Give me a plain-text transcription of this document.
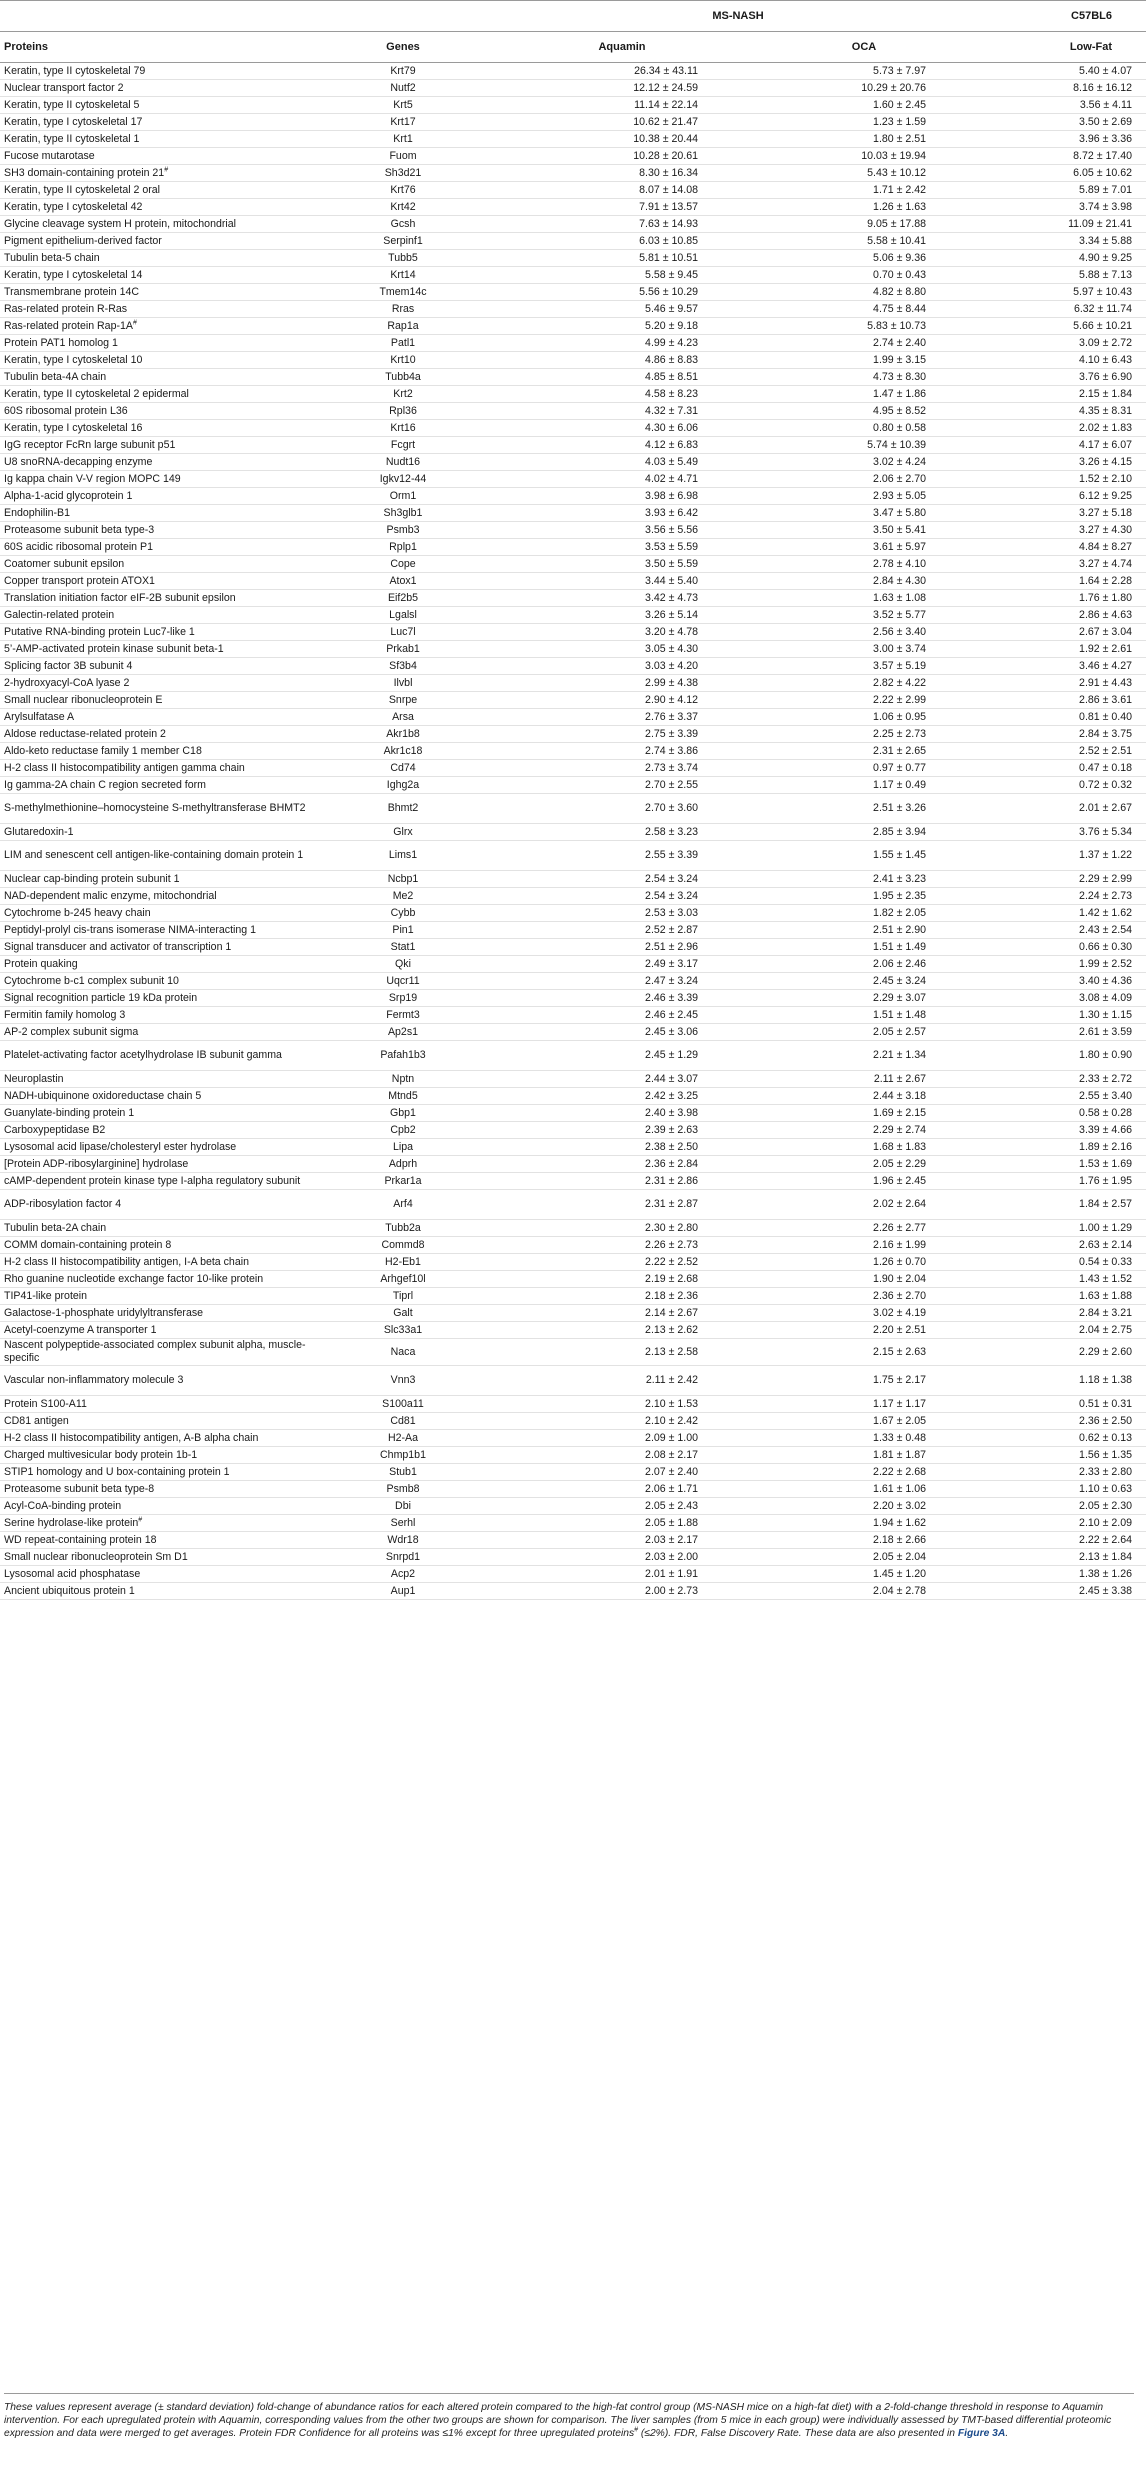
		MS-NASH		C57BL6
Proteins	Genes	Aquamin	OCA	Low-Fat
Keratin, type II cytoskeletal 79	Krt79	26.34 ± 43.11	5.73 ± 7.97	5.40 ± 4.07
Nuclear transport factor 2	Nutf2	12.12 ± 24.59	10.29 ± 20.76	8.16 ± 16.12
Keratin, type II cytoskeletal 5	Krt5	11.14 ± 22.14	1.60 ± 2.45	3.56 ± 4.11
Keratin, type I cytoskeletal 17	Krt17	10.62 ± 21.47	1.23 ± 1.59	3.50 ± 2.69
Keratin, type II cytoskeletal 1	Krt1	10.38 ± 20.44	1.80 ± 2.51	3.96 ± 3.36
Fucose mutarotase	Fuom	10.28 ± 20.61	10.03 ± 19.94	8.72 ± 17.40
SH3 domain-containing protein 21#	Sh3d21	8.30 ± 16.34	5.43 ± 10.12	6.05 ± 10.62
Keratin, type II cytoskeletal 2 oral	Krt76	8.07 ± 14.08	1.71 ± 2.42	5.89 ± 7.01
Keratin, type I cytoskeletal 42	Krt42	7.91 ± 13.57	1.26 ± 1.63	3.74 ± 3.98
Glycine cleavage system H protein, mitochondrial	Gcsh	7.63 ± 14.93	9.05 ± 17.88	11.09 ± 21.41
Pigment epithelium-derived factor	Serpinf1	6.03 ± 10.85	5.58 ± 10.41	3.34 ± 5.88
Tubulin beta-5 chain	Tubb5	5.81 ± 10.51	5.06 ± 9.36	4.90 ± 9.25
Keratin, type I cytoskeletal 14	Krt14	5.58 ± 9.45	0.70 ± 0.43	5.88 ± 7.13
Transmembrane protein 14C	Tmem14c	5.56 ± 10.29	4.82 ± 8.80	5.97 ± 10.43
Ras-related protein R-Ras	Rras	5.46 ± 9.57	4.75 ± 8.44	6.32 ± 11.74
Ras-related protein Rap-1A#	Rap1a	5.20 ± 9.18	5.83 ± 10.73	5.66 ± 10.21
Protein PAT1 homolog 1	Patl1	4.99 ± 4.23	2.74 ± 2.40	3.09 ± 2.72
Keratin, type I cytoskeletal 10	Krt10	4.86 ± 8.83	1.99 ± 3.15	4.10 ± 6.43
Tubulin beta-4A chain	Tubb4a	4.85 ± 8.51	4.73 ± 8.30	3.76 ± 6.90
Keratin, type II cytoskeletal 2 epidermal	Krt2	4.58 ± 8.23	1.47 ± 1.86	2.15 ± 1.84
60S ribosomal protein L36	Rpl36	4.32 ± 7.31	4.95 ± 8.52	4.35 ± 8.31
Keratin, type I cytoskeletal 16	Krt16	4.30 ± 6.06	0.80 ± 0.58	2.02 ± 1.83
IgG receptor FcRn large subunit p51	Fcgrt	4.12 ± 6.83	5.74 ± 10.39	4.17 ± 6.07
U8 snoRNA-decapping enzyme	Nudt16	4.03 ± 5.49	3.02 ± 4.24	3.26 ± 4.15
Ig kappa chain V-V region MOPC 149	Igkv12-44	4.02 ± 4.71	2.06 ± 2.70	1.52 ± 2.10
Alpha-1-acid glycoprotein 1	Orm1	3.98 ± 6.98	2.93 ± 5.05	6.12 ± 9.25
Endophilin-B1	Sh3glb1	3.93 ± 6.42	3.47 ± 5.80	3.27 ± 5.18
Proteasome subunit beta type-3	Psmb3	3.56 ± 5.56	3.50 ± 5.41	3.27 ± 4.30
60S acidic ribosomal protein P1	Rplp1	3.53 ± 5.59	3.61 ± 5.97	4.84 ± 8.27
Coatomer subunit epsilon	Cope	3.50 ± 5.59	2.78 ± 4.10	3.27 ± 4.74
Copper transport protein ATOX1	Atox1	3.44 ± 5.40	2.84 ± 4.30	1.64 ± 2.28
Translation initiation factor eIF-2B subunit epsilon	Eif2b5	3.42 ± 4.73	1.63 ± 1.08	1.76 ± 1.80
Galectin-related protein	Lgalsl	3.26 ± 5.14	3.52 ± 5.77	2.86 ± 4.63
Putative RNA-binding protein Luc7-like 1	Luc7l	3.20 ± 4.78	2.56 ± 3.40	2.67 ± 3.04
5’-AMP-activated protein kinase subunit beta-1	Prkab1	3.05 ± 4.30	3.00 ± 3.74	1.92 ± 2.61
Splicing factor 3B subunit 4	Sf3b4	3.03 ± 4.20	3.57 ± 5.19	3.46 ± 4.27
2-hydroxyacyl-CoA lyase 2	Ilvbl	2.99 ± 4.38	2.82 ± 4.22	2.91 ± 4.43
Small nuclear ribonucleoprotein E	Snrpe	2.90 ± 4.12	2.22 ± 2.99	2.86 ± 3.61
Arylsulfatase A	Arsa	2.76 ± 3.37	1.06 ± 0.95	0.81 ± 0.40
Aldose reductase-related protein 2	Akr1b8	2.75 ± 3.39	2.25 ± 2.73	2.84 ± 3.75
Aldo-keto reductase family 1 member C18	Akr1c18	2.74 ± 3.86	2.31 ± 2.65	2.52 ± 2.51
H-2 class II histocompatibility antigen gamma chain	Cd74	2.73 ± 3.74	0.97 ± 0.77	0.47 ± 0.18
Ig gamma-2A chain C region secreted form	Ighg2a	2.70 ± 2.55	1.17 ± 0.49	0.72 ± 0.32
S-methylmethionine–homocysteine S-methyltransferase BHMT2	Bhmt2	2.70 ± 3.60	2.51 ± 3.26	2.01 ± 2.67
Glutaredoxin-1	Glrx	2.58 ± 3.23	2.85 ± 3.94	3.76 ± 5.34
LIM and senescent cell antigen-like-containing domain protein 1	Lims1	2.55 ± 3.39	1.55 ± 1.45	1.37 ± 1.22
Nuclear cap-binding protein subunit 1	Ncbp1	2.54 ± 3.24	2.41 ± 3.23	2.29 ± 2.99
NAD-dependent malic enzyme, mitochondrial	Me2	2.54 ± 3.24	1.95 ± 2.35	2.24 ± 2.73
Cytochrome b-245 heavy chain	Cybb	2.53 ± 3.03	1.82 ± 2.05	1.42 ± 1.62
Peptidyl-prolyl cis-trans isomerase NIMA-interacting 1	Pin1	2.52 ± 2.87	2.51 ± 2.90	2.43 ± 2.54
Signal transducer and activator of transcription 1	Stat1	2.51 ± 2.96	1.51 ± 1.49	0.66 ± 0.30
Protein quaking	Qki	2.49 ± 3.17	2.06 ± 2.46	1.99 ± 2.52
Cytochrome b-c1 complex subunit 10	Uqcr11	2.47 ± 3.24	2.45 ± 3.24	3.40 ± 4.36
Signal recognition particle 19 kDa protein	Srp19	2.46 ± 3.39	2.29 ± 3.07	3.08 ± 4.09
Fermitin family homolog 3	Fermt3	2.46 ± 2.45	1.51 ± 1.48	1.30 ± 1.15
AP-2 complex subunit sigma	Ap2s1	2.45 ± 3.06	2.05 ± 2.57	2.61 ± 3.59
Platelet-activating factor acetylhydrolase IB subunit gamma	Pafah1b3	2.45 ± 1.29	2.21 ± 1.34	1.80 ± 0.90
Neuroplastin	Nptn	2.44 ± 3.07	2.11 ± 2.67	2.33 ± 2.72
NADH-ubiquinone oxidoreductase chain 5	Mtnd5	2.42 ± 3.25	2.44 ± 3.18	2.55 ± 3.40
Guanylate-binding protein 1	Gbp1	2.40 ± 3.98	1.69 ± 2.15	0.58 ± 0.28
Carboxypeptidase B2	Cpb2	2.39 ± 2.63	2.29 ± 2.74	3.39 ± 4.66
Lysosomal acid lipase/cholesteryl ester hydrolase	Lipa	2.38 ± 2.50	1.68 ± 1.83	1.89 ± 2.16
[Protein ADP-ribosylarginine] hydrolase	Adprh	2.36 ± 2.84	2.05 ± 2.29	1.53 ± 1.69
cAMP-dependent protein kinase type I-alpha regulatory subunit	Prkar1a	2.31 ± 2.86	1.96 ± 2.45	1.76 ± 1.95
ADP-ribosylation factor 4	Arf4	2.31 ± 2.87	2.02 ± 2.64	1.84 ± 2.57
Tubulin beta-2A chain	Tubb2a	2.30 ± 2.80	2.26 ± 2.77	1.00 ± 1.29
COMM domain-containing protein 8	Commd8	2.26 ± 2.73	2.16 ± 1.99	2.63 ± 2.14
H-2 class II histocompatibility antigen, I-A beta chain	H2-Eb1	2.22 ± 2.52	1.26 ± 0.70	0.54 ± 0.33
Rho guanine nucleotide exchange factor 10-like protein	Arhgef10l	2.19 ± 2.68	1.90 ± 2.04	1.43 ± 1.52
TIP41-like protein	Tiprl	2.18 ± 2.36	2.36 ± 2.70	1.63 ± 1.88
Galactose-1-phosphate uridylyltransferase	Galt	2.14 ± 2.67	3.02 ± 4.19	2.84 ± 3.21
Acetyl-coenzyme A transporter 1	Slc33a1	2.13 ± 2.62	2.20 ± 2.51	2.04 ± 2.75
Nascent polypeptide-associated complex subunit alpha, muscle-specific	Naca	2.13 ± 2.58	2.15 ± 2.63	2.29 ± 2.60
Vascular non-inflammatory molecule 3	Vnn3	2.11 ± 2.42	1.75 ± 2.17	1.18 ± 1.38
Protein S100-A11	S100a11	2.10 ± 1.53	1.17 ± 1.17	0.51 ± 0.31
CD81 antigen	Cd81	2.10 ± 2.42	1.67 ± 2.05	2.36 ± 2.50
H-2 class II histocompatibility antigen, A-B alpha chain	H2-Aa	2.09 ± 1.00	1.33 ± 0.48	0.62 ± 0.13
Charged multivesicular body protein 1b-1	Chmp1b1	2.08 ± 2.17	1.81 ± 1.87	1.56 ± 1.35
STIP1 homology and U box-containing protein 1	Stub1	2.07 ± 2.40	2.22 ± 2.68	2.33 ± 2.80
Proteasome subunit beta type-8	Psmb8	2.06 ± 1.71	1.61 ± 1.06	1.10 ± 0.63
Acyl-CoA-binding protein	Dbi	2.05 ± 2.43	2.20 ± 3.02	2.05 ± 2.30
Serine hydrolase-like protein#	Serhl	2.05 ± 1.88	1.94 ± 1.62	2.10 ± 2.09
WD repeat-containing protein 18	Wdr18	2.03 ± 2.17	2.18 ± 2.66	2.22 ± 2.64
Small nuclear ribonucleoprotein Sm D1	Snrpd1	2.03 ± 2.00	2.05 ± 2.04	2.13 ± 1.84
Lysosomal acid phosphatase	Acp2	2.01 ± 1.91	1.45 ± 1.20	1.38 ± 1.26
Ancient ubiquitous protein 1	Aup1	2.00 ± 2.73	2.04 ± 2.78	2.45 ± 3.38
These values represent average (± standard deviation) fold-change of abundance ratios for each altered protein compared to the high-fat control group (MS-NASH mice on a high-fat diet) with a 2-fold-change threshold in response to Aquamin intervention. For each upregulated protein with Aquamin, corresponding values from the other two groups are shown for comparison. The liver samples (from 5 mice in each group) were individually assessed by TMT-based differential proteomic expression and data were merged to get averages. Protein FDR Confidence for all proteins was ≤1% except for three upregulated proteins# (≤2%). FDR, False Discovery Rate. These data are also presented in Figure 3A.
